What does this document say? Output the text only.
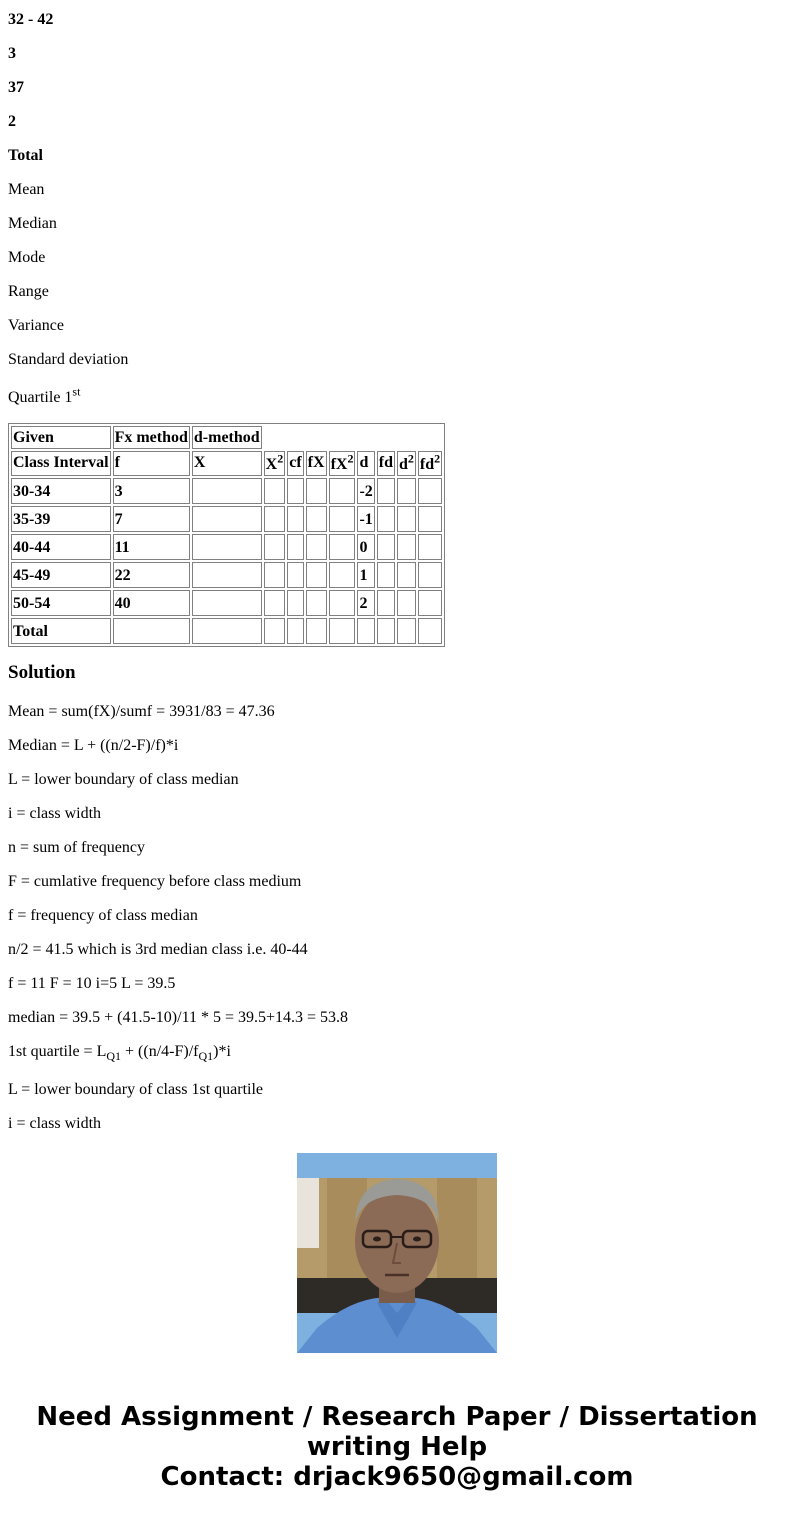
32 - 42

3

37

2

Total

Mean

Median

Mode

Range

Variance

Standard deviation

Quartile 1st

Given	Fx method	d-method								
Class Interval	f	X	$X^2$	cf	fX	$fX^2$	d	fd	$d^2$	$fd^2$
30-34	3						-2			
35-39	7						-1			
40-44	11						0			
45-49	22						1			
50-54	40						2			
Total										
Solution

Mean = sum(fX)/sumf = 3931/83 = 47.36

Median = L + ((n/2-F)/f)*i

L = lower boundary of class median

i = class width

n = sum of frequency

F = cumlative frequency before class medium

f = frequency of class median

n/2 = 41.5 which is 3rd median class i.e. 40-44

f = 11 F = 10 i=5 L = 39.5

median = 39.5 + (41.5-10)/11 * 5 = 39.5+14.3 = 53.8

1st quartile = $L_{Q1} + ((n/4-F)/f_{Q1})*i$

L = lower boundary of class 1st quartile

i = class width

Need Assignment / Research Paper / Dissertation
writing Help
Contact: drjack9650@gmail.com
